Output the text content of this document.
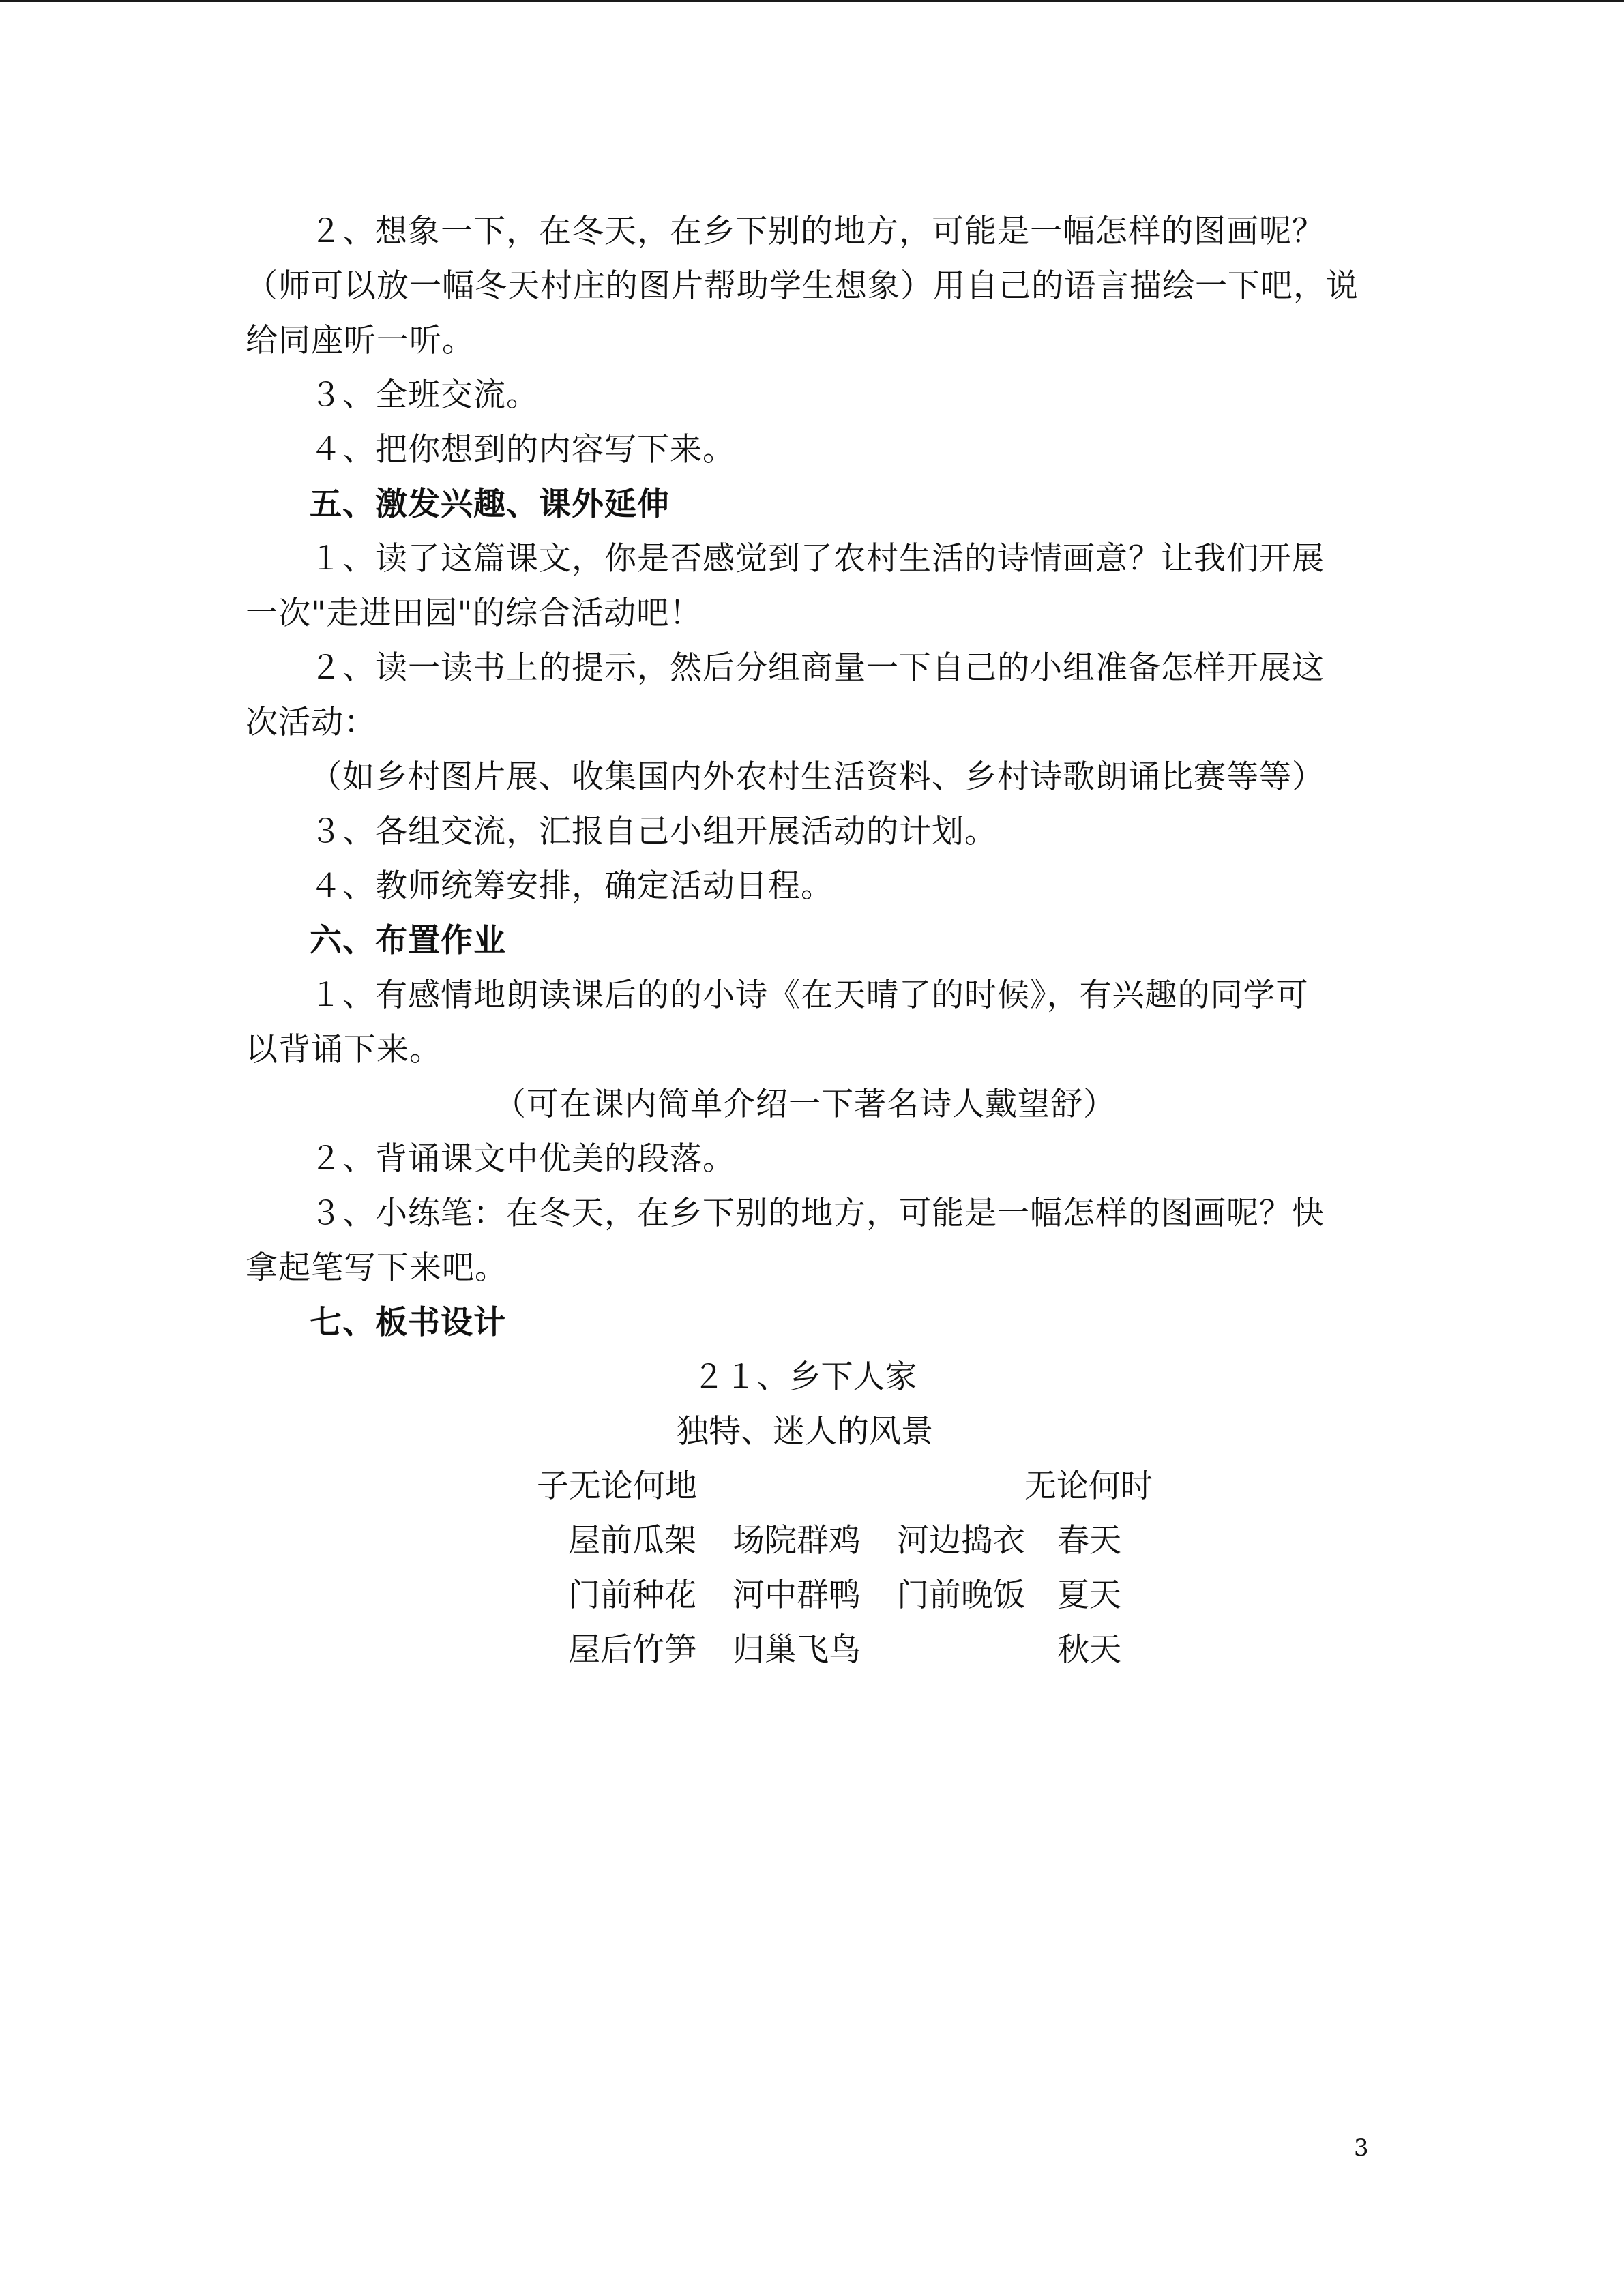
２、想象一下，在冬天，在乡下别的地方，可能是一幅怎样的图画呢？
（师可以放一幅冬天村庄的图片帮助学生想象）用自己的语言描绘一下吧，说
给同座听一听。
３、全班交流。
４、把你想到的内容写下来。
五、激发兴趣、课外延伸
１、读了这篇课文，你是否感觉到了农村生活的诗情画意？让我们开展
一次"走进田园"的综合活动吧！
２、读一读书上的提示，然后分组商量一下自己的小组准备怎样开展这
次活动：
（如乡村图片展、收集国内外农村生活资料、乡村诗歌朗诵比赛等等）
３、各组交流，汇报自己小组开展活动的计划。
４、教师统筹安排，确定活动日程。
六、布置作业
１、有感情地朗读课后的的小诗《在天晴了的时候》，有兴趣的同学可
以背诵下来。
（可在课内简单介绍一下著名诗人戴望舒）
２、背诵课文中优美的段落。
３、小练笔：在冬天，在乡下别的地方，可能是一幅怎样的图画呢？快
拿起笔写下来吧。
七、板书设计
２１、乡下人家
独特、迷人的风景
子无论何地	无论何时
屋前瓜架 场院群鸡 河边捣衣 春天
门前种花 河中群鸭 门前晚饭 夏天
屋后竹笋 归巢飞鸟	秋天
3
